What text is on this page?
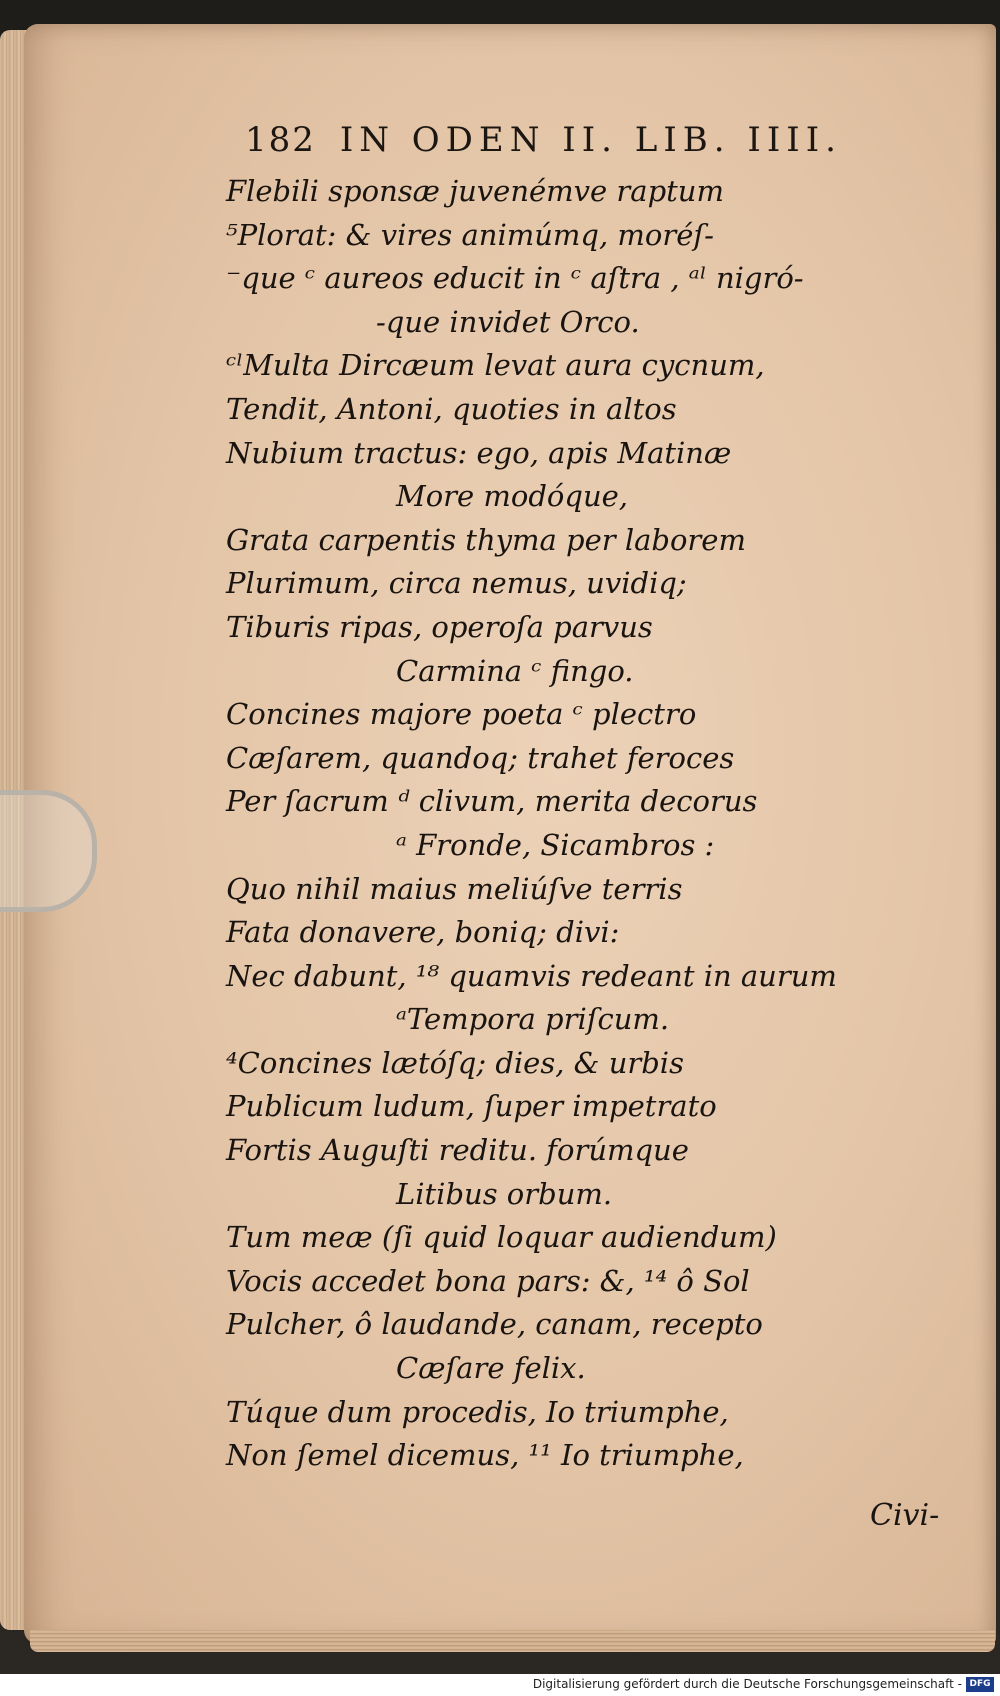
182 IN ODEN II. LIB. IIII.
Flebili sponsæ juvenémve raptum
⁵Plorat: & vires animúmq, moréſ-
⁻que ᶜ aureos educit in ᶜ aſtra , ᵃˡ nigró-
-que invidet Orco.
ᶜˡMulta Dircæum levat aura cycnum,
Tendit, Antoni, quoties in altos
Nubium tractus: ego, apis Matinæ
More modóque,
Grata carpentis thyma per laborem
Plurimum, circa nemus, uvidiq;
Tiburis ripas, operoſa parvus
Carmina ᶜ fingo.
Concines majore poeta ᶜ plectro
Cæſarem, quandoq; trahet feroces
Per ſacrum ᵈ clivum, merita decorus
ᵃ Fronde, Sicambros :
Quo nihil maius meliúſve terris
Fata donavere, boniq; divi:
Nec dabunt, ¹⁸ quamvis redeant in aurum
ᵃTempora priſcum.
⁴Concines lætóſq; dies, & urbis
Publicum ludum, ſuper impetrato
Fortis Auguſti reditu. forúmque
Litibus orbum.
Tum meæ (ſi quid loquar audiendum)
Vocis accedet bona pars: &, ¹⁴ ô Sol
Pulcher, ô laudande, canam, recepto
Cæſare felix.
Túque dum procedis, Io triumphe,
Non ſemel dicemus, ¹¹ Io triumphe,
Civi-
Digitalisierung gefördert durch die Deutsche Forschungsgemeinschaft - DFG
